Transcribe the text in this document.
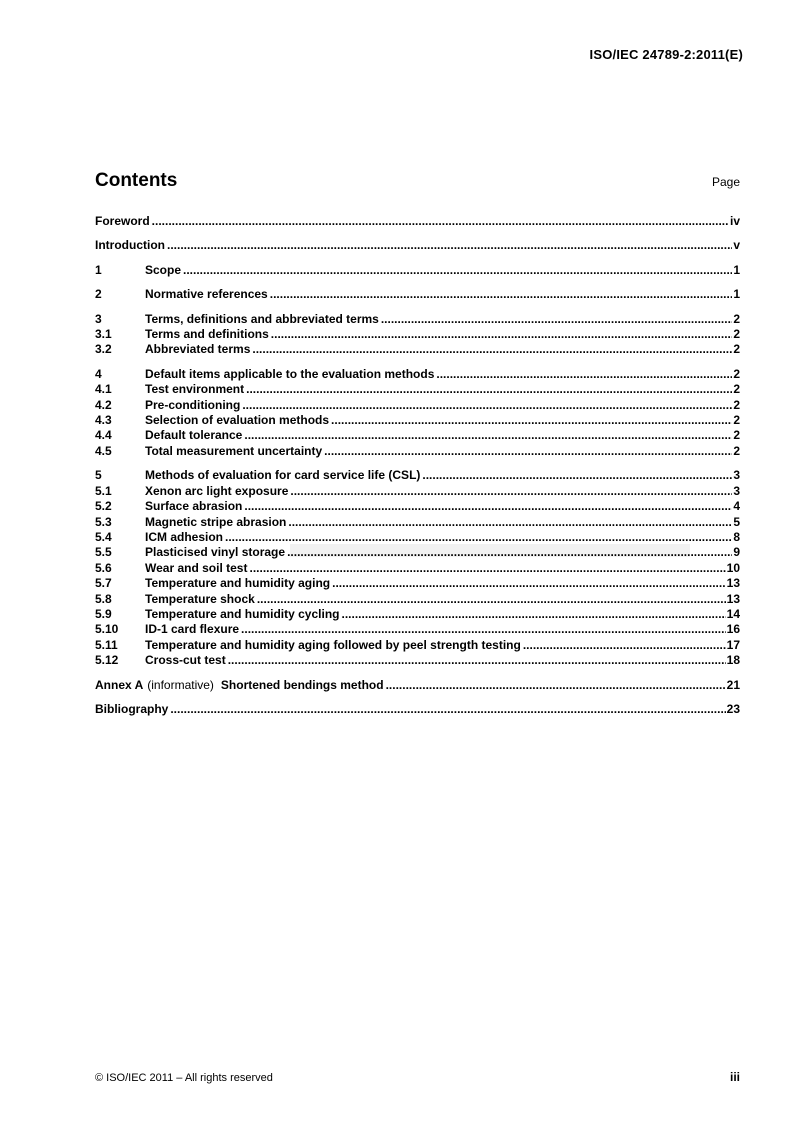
ISO/IEC 24789-2:2011(E)
Contents	Page
Foreword .....	iv
Introduction .....	v
1	Scope .....	1
2	Normative references .....	1
3	Terms, definitions and abbreviated terms .....	2
3.1	Terms and definitions .....	2
3.2	Abbreviated terms .....	2
4	Default items applicable to the evaluation methods .....	2
4.1	Test environment .....	2
4.2	Pre-conditioning .....	2
4.3	Selection of evaluation methods .....	2
4.4	Default tolerance .....	2
4.5	Total measurement uncertainty .....	2
5	Methods of evaluation for card service life (CSL) .....	3
5.1	Xenon arc light exposure .....	3
5.2	Surface abrasion .....	4
5.3	Magnetic stripe abrasion .....	5
5.4	ICM adhesion .....	8
5.5	Plasticised vinyl storage .....	9
5.6	Wear and soil test .....	10
5.7	Temperature and humidity aging .....	13
5.8	Temperature shock .....	13
5.9	Temperature and humidity cycling .....	14
5.10	ID-1 card flexure .....	16
5.11	Temperature and humidity aging followed by peel strength testing .....	17
5.12	Cross-cut test .....	18
Annex A (informative) Shortened bendings method .....	21
Bibliography .....	23
© ISO/IEC 2011 – All rights reserved	iii
